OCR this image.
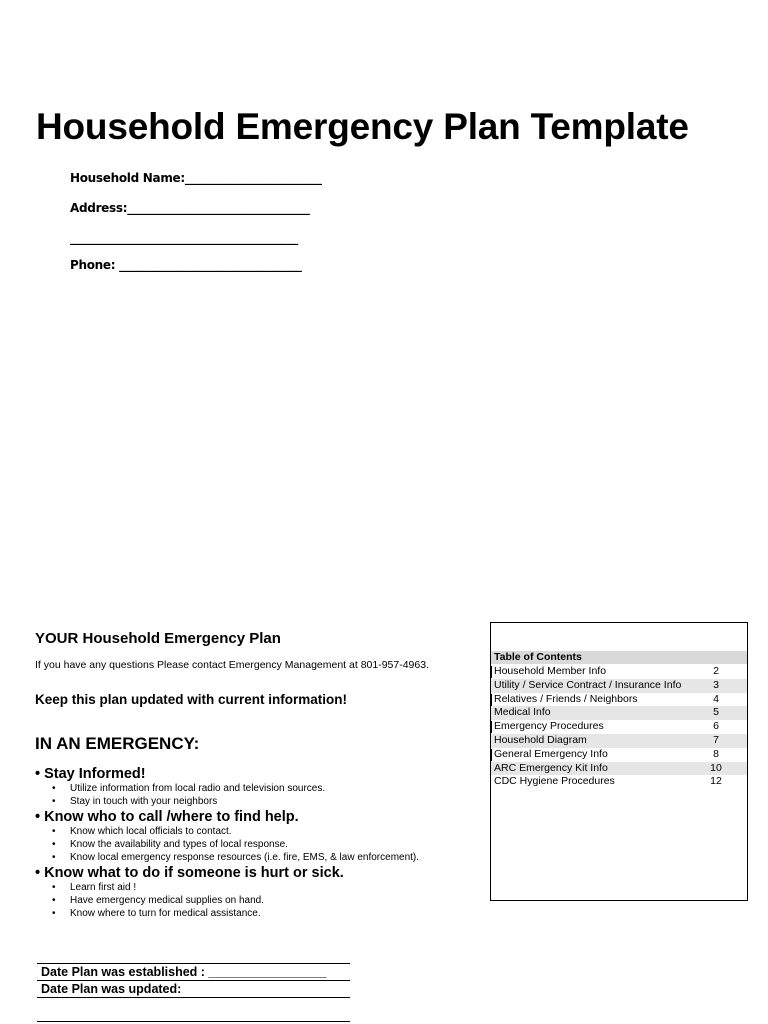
Household Emergency Plan Template
Household Name:________________________
Address:________________________________
________________________________________
Phone: ________________________________
YOUR Household Emergency Plan
If you have any questions Please contact Emergency Management at 801-957-4963.
Keep this plan updated with current information!
IN AN EMERGENCY:
• Stay Informed!
• Utilize information from local radio and television sources.
• Stay in touch with your neighbors
• Know who to call /where to find help.
• Know which local officials to contact.
• Know the availability and types of local response.
• Know local emergency response resources (i.e. fire, EMS, & law enforcement).
• Know what to do if someone is hurt or sick.
• Learn first aid !
• Have emergency medical supplies on hand.
• Know where to turn for medical assistance.
Date Plan was established : _________________
Date Plan was updated:
Table of Contents
Household Member Info	2
Utility / Service Contract / Insurance Info	3
Relatives / Friends / Neighbors	4
Medical Info	5
Emergency Procedures	6
Household Diagram	7
General Emergency Info	8
ARC Emergency Kit Info	10
CDC Hygiene Procedures	12
